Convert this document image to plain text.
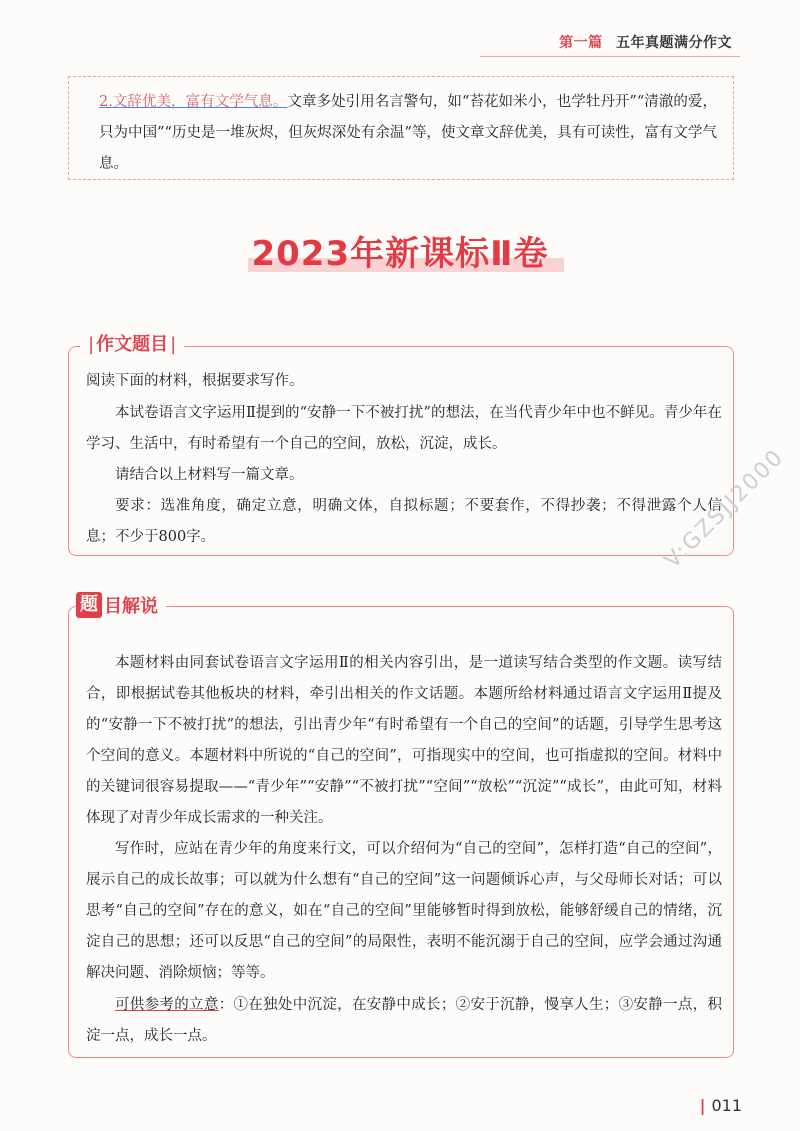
第一篇 五年真题满分作文
2.文辞优美，富有文学气息。文章多处引用名言警句，如“苔花如米小，也学牡丹开”“清澈的爱，只为中国”“历史是一堆灰烬，但灰烬深处有余温”等，使文章文辞优美，具有可读性，富有文学气息。
2023年新课标Ⅱ卷
| 作文题目 |
阅读下面的材料，根据要求写作。
本试卷语言文字运用Ⅱ提到的“安静一下不被打扰”的想法，在当代青少年中也不鲜见。青少年在学习、生活中，有时希望有一个自己的空间，放松，沉淀，成长。
请结合以上材料写一篇文章。
要求：选准角度，确定立意，明确文体，自拟标题；不要套作，不得抄袭；不得泄露个人信息；不少于800字。
题 目解说
本题材料由同套试卷语言文字运用Ⅱ的相关内容引出，是一道读写结合类型的作文题。读写结合，即根据试卷其他板块的材料，牵引出相关的作文话题。本题所给材料通过语言文字运用Ⅱ提及的“安静一下不被打扰”的想法，引出青少年“有时希望有一个自己的空间”的话题，引导学生思考这个空间的意义。本题材料中所说的“自己的空间”，可指现实中的空间，也可指虚拟的空间。材料中的关键词很容易提取——“青少年”“安静”“不被打扰”“空间”“放松”“沉淀”“成长”，由此可知，材料体现了对青少年成长需求的一种关注。
写作时，应站在青少年的角度来行文，可以介绍何为“自己的空间”，怎样打造“自己的空间”，展示自己的成长故事；可以就为什么想有“自己的空间”这一问题倾诉心声，与父母师长对话；可以思考“自己的空间”存在的意义，如在“自己的空间”里能够暂时得到放松，能够舒缓自己的情绪，沉淀自己的思想；还可以反思“自己的空间”的局限性，表明不能沉溺于自己的空间，应学会通过沟通解决问题、消除烦恼；等等。
可供参考的立意：①在独处中沉淀，在安静中成长；②安于沉静，慢享人生；③安静一点，积淀一点，成长一点。
V:GZSJJ2000
| 011
